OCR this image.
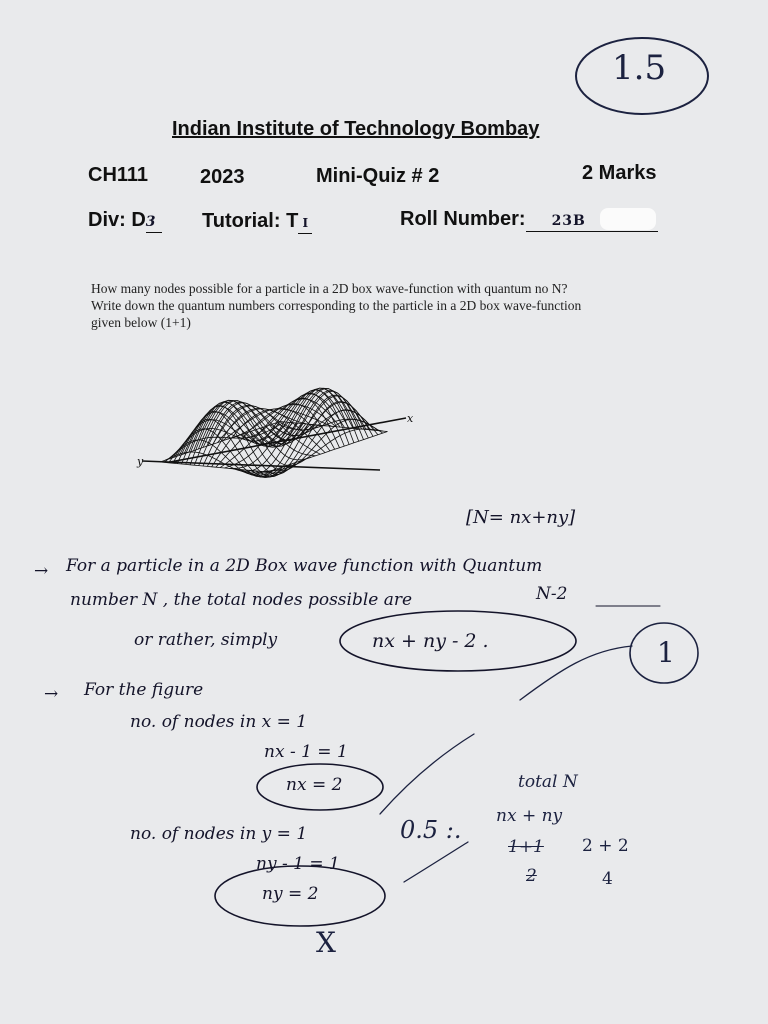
Indian Institute of Technology Bombay
CH111	2023	Mini-Quiz # 2	2 Marks
Div: D3	Tutorial: T I	Roll Number: 23B
How many nodes possible for a particle in a 2D box wave-function with quantum no N?
Write down the quantum numbers corresponding to the particle in a 2D box wave-function
given below (1+1)
x
y
[N= nx+ny]
→ For a particle in a 2D Box wave function with Quantum
number N , the total nodes possible are	N-2
or rather, simply	nx + ny - 2 .
→ For the figure
no. of nodes in x = 1
nx - 1 = 1
nx = 2
no. of nodes in y = 1
ny - 1 = 1
ny = 2
1.5
1
0.5 :.
total N
nx + ny
1+1 2 + 2
2	4
X
